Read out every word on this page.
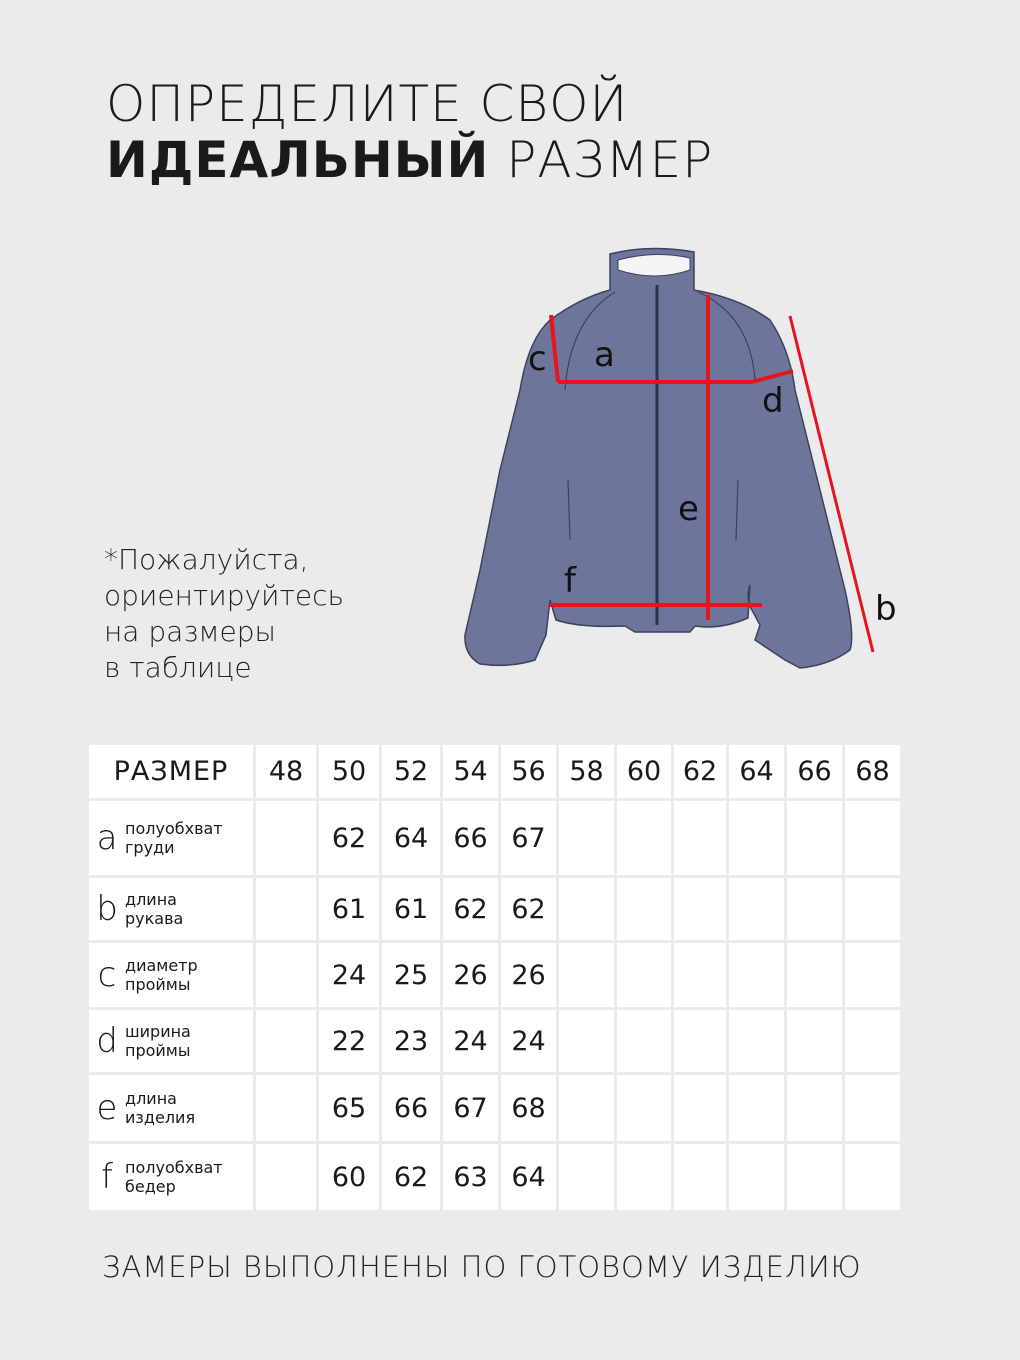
ОПРЕДЕЛИТЕ СВОЙ
ИДЕАЛЬНЫЙ РАЗМЕР
*Пожалуйста,
ориентируйтесь
на размеры
в таблице
c a
d
e
f
b
РАЗМЕР	48	50	52	54	56	58	60	62	64	66	68

a полуобхват
груди		62	64	66	67						

b длина
рукава		61	61	62	62						

c диаметр
проймы		24	25	26	26						

d ширина
проймы		22	23	24	24						

e длина
изделия		65	66	67	68						

f полуобхват
бедер		60	62	63	64						
ЗАМЕРЫ ВЫПОЛНЕНЫ ПО ГОТОВОМУ ИЗДЕЛИЮ
